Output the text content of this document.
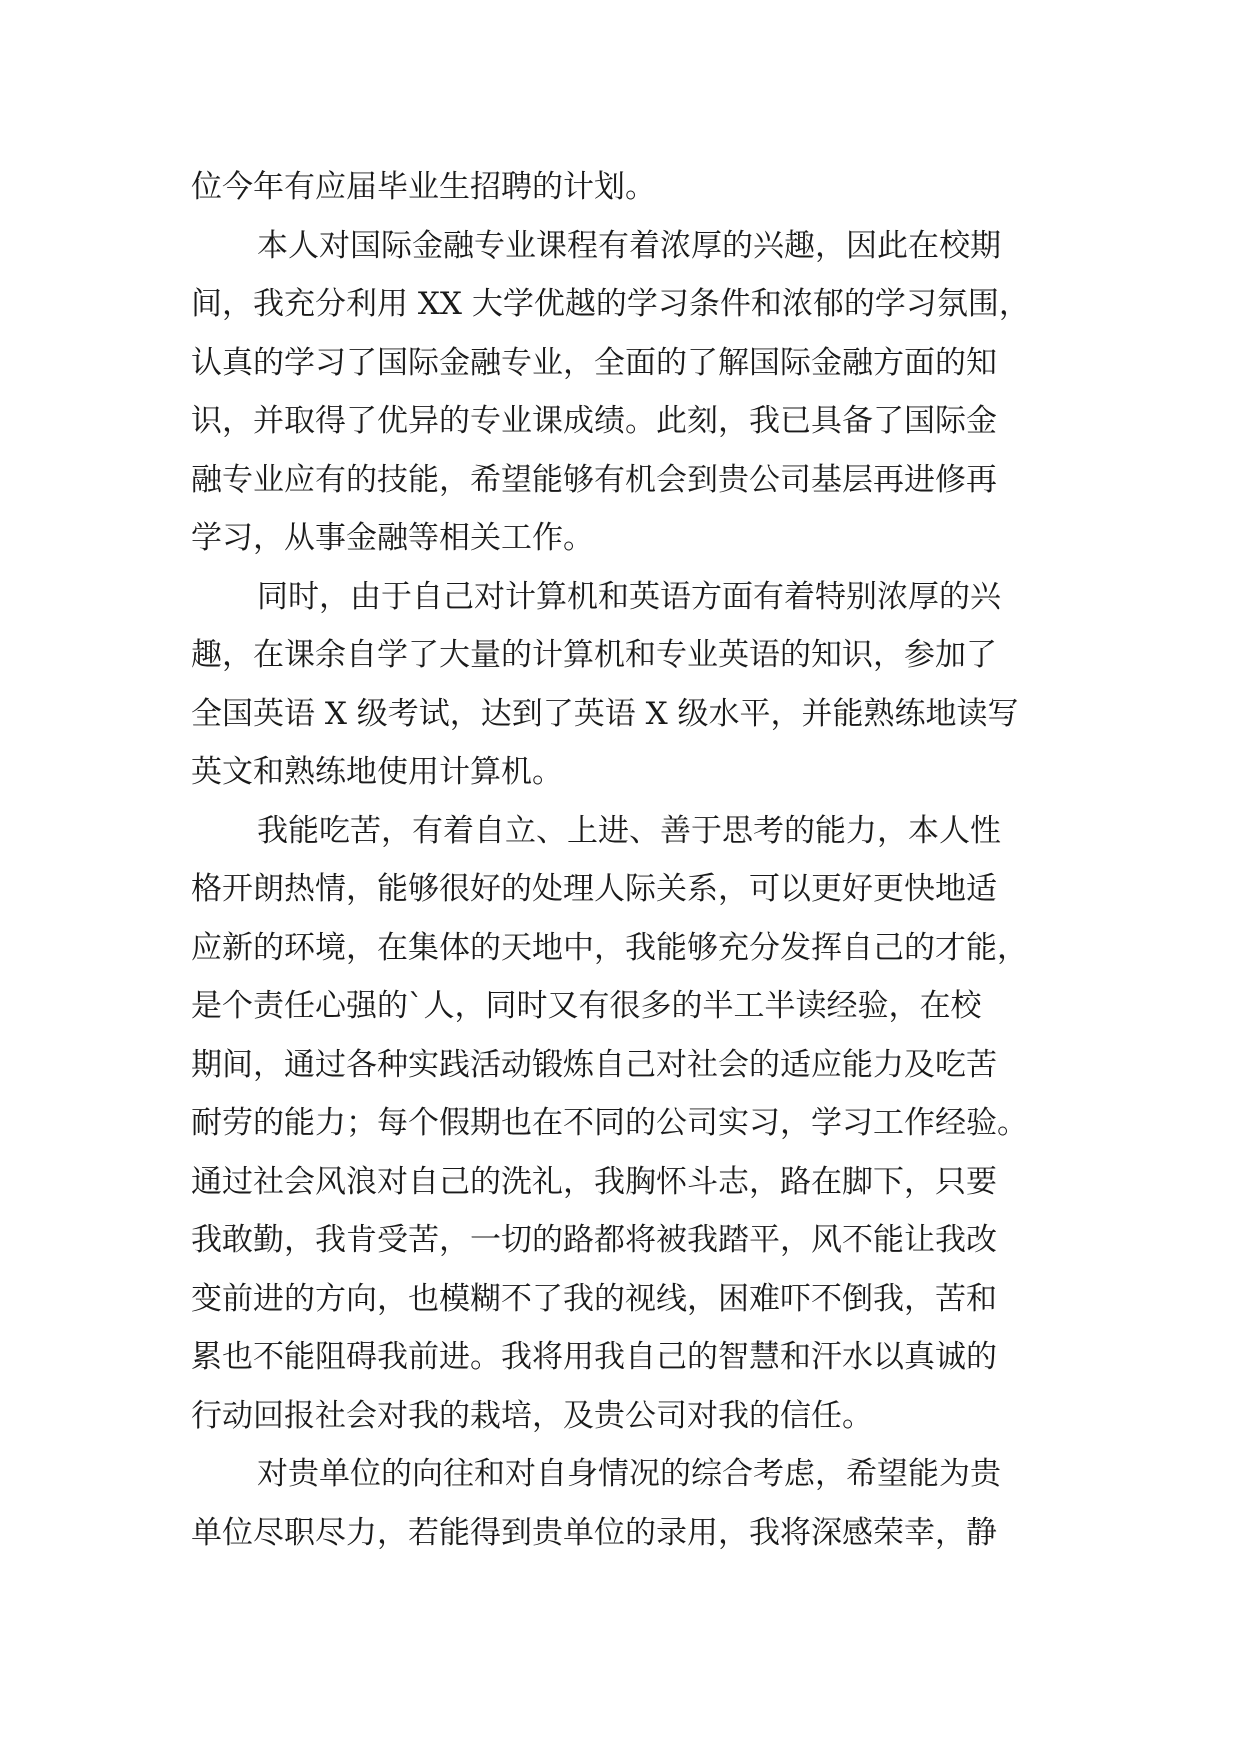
位今年有应届毕业生招聘的计划。
本人对国际金融专业课程有着浓厚的兴趣，因此在校期
间，我充分利用 XX 大学优越的学习条件和浓郁的学习氛围，
认真的学习了国际金融专业，全面的了解国际金融方面的知
识，并取得了优异的专业课成绩。此刻，我已具备了国际金
融专业应有的技能，希望能够有机会到贵公司基层再进修再
学习，从事金融等相关工作。
同时，由于自己对计算机和英语方面有着特别浓厚的兴
趣，在课余自学了大量的计算机和专业英语的知识，参加了
全国英语 X 级考试，达到了英语 X 级水平，并能熟练地读写
英文和熟练地使用计算机。
我能吃苦，有着自立、上进、善于思考的能力，本人性
格开朗热情，能够很好的处理人际关系，可以更好更快地适
应新的环境，在集体的天地中，我能够充分发挥自己的才能，
是个责任心强的`人，同时又有很多的半工半读经验，在校
期间，通过各种实践活动锻炼自己对社会的适应能力及吃苦
耐劳的能力；每个假期也在不同的公司实习，学习工作经验。
通过社会风浪对自己的洗礼，我胸怀斗志，路在脚下，只要
我敢勤，我肯受苦，一切的路都将被我踏平，风不能让我改
变前进的方向，也模糊不了我的视线，困难吓不倒我，苦和
累也不能阻碍我前进。我将用我自己的智慧和汗水以真诚的
行动回报社会对我的栽培，及贵公司对我的信任。
对贵单位的向往和对自身情况的综合考虑，希望能为贵
单位尽职尽力，若能得到贵单位的录用，我将深感荣幸，静
